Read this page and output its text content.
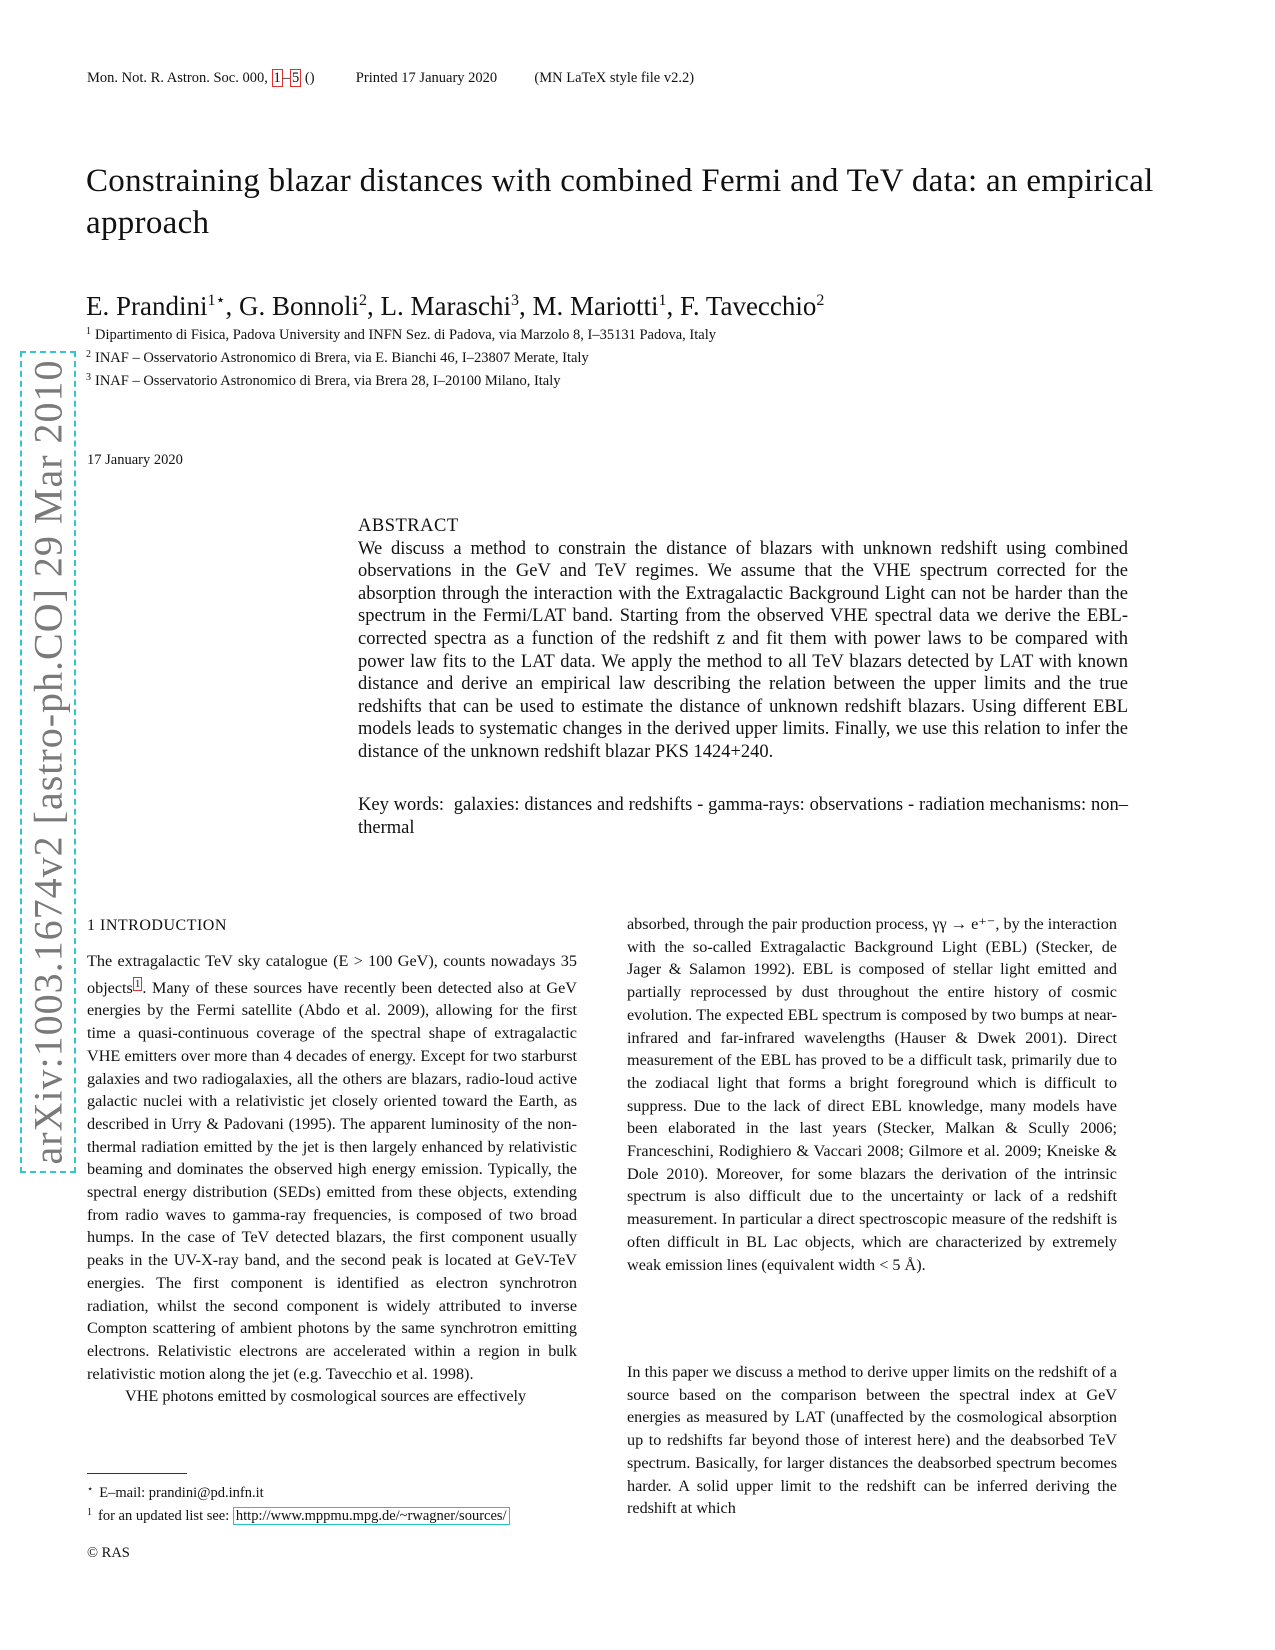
Mon. Not. R. Astron. Soc. 000, 1 – 5 ()	Printed 17 January 2020	(MN LaTeX style file v2.2)
Constraining blazar distances with combined Fermi and TeV data: an empirical approach
E. Prandini$^{1⋆}$, G. Bonnoli$^2$, L. Maraschi$^3$, M. Mariotti$^1$, F. Tavecchio$^2$
$^1$ Dipartimento di Fisica, Padova University and INFN Sez. di Padova, via Marzolo 8, I–35131 Padova, Italy
$^2$ INAF – Osservatorio Astronomico di Brera, via E. Bianchi 46, I–23807 Merate, Italy
$^3$ INAF – Osservatorio Astronomico di Brera, via Brera 28, I–20100 Milano, Italy
17 January 2020
ABSTRACT
We discuss a method to constrain the distance of blazars with unknown redshift using combined observations in the GeV and TeV regimes. We assume that the VHE spectrum corrected for the absorption through the interaction with the Extragalactic Background Light can not be harder than the spectrum in the Fermi/LAT band. Starting from the observed VHE spectral data we derive the EBL-corrected spectra as a function of the redshift z and fit them with power laws to be compared with power law fits to the LAT data. We apply the method to all TeV blazars detected by LAT with known distance and derive an empirical law describing the relation between the upper limits and the true redshifts that can be used to estimate the distance of unknown redshift blazars. Using different EBL models leads to systematic changes in the derived upper limits. Finally, we use this relation to infer the distance of the unknown redshift blazar PKS 1424+240.
Key words: galaxies: distances and redshifts - gamma-rays: observations - radiation mechanisms: non–thermal
1 INTRODUCTION
The extragalactic TeV sky catalogue (E > 100 GeV), counts nowadays 35 objects $^1$ . Many of these sources have recently been detected also at GeV energies by the Fermi satellite (Abdo et al. 2009), allowing for the first time a quasi-continuous coverage of the spectral shape of extragalactic VHE emitters over more than 4 decades of energy. Except for two starburst galaxies and two radiogalaxies, all the others are blazars, radio-loud active galactic nuclei with a relativistic jet closely oriented toward the Earth, as described in Urry & Padovani (1995). The apparent luminosity of the non-thermal radiation emitted by the jet is then largely enhanced by relativistic beaming and dominates the observed high energy emission. Typically, the spectral energy distribution (SEDs) emitted from these objects, extending from radio waves to gamma-ray frequencies, is composed of two broad humps. In the case of TeV detected blazars, the first component usually peaks in the UV-X-ray band, and the second peak is located at GeV-TeV energies. The first component is identified as electron synchrotron radiation, whilst the second component is widely attributed to inverse Compton scattering of ambient photons by the same synchrotron emitting electrons. Relativistic electrons are accelerated within a region in bulk relativistic motion along the jet (e.g. Tavecchio et al. 1998).
VHE photons emitted by cosmological sources are effectively
absorbed, through the pair production process, γγ → e⁺⁻, by the interaction with the so-called Extragalactic Background Light (EBL) (Stecker, de Jager & Salamon 1992). EBL is composed of stellar light emitted and partially reprocessed by dust throughout the entire history of cosmic evolution. The expected EBL spectrum is composed by two bumps at near-infrared and far-infrared wavelengths (Hauser & Dwek 2001). Direct measurement of the EBL has proved to be a difficult task, primarily due to the zodiacal light that forms a bright foreground which is difficult to suppress. Due to the lack of direct EBL knowledge, many models have been elaborated in the last years (Stecker, Malkan & Scully 2006; Franceschini, Rodighiero & Vaccari 2008; Gilmore et al. 2009; Kneiske & Dole 2010). Moreover, for some blazars the derivation of the intrinsic spectrum is also difficult due to the uncertainty or lack of a redshift measurement. In particular a direct spectroscopic measure of the redshift is often difficult in BL Lac objects, which are characterized by extremely weak emission lines (equivalent width < 5 Å).
In this paper we discuss a method to derive upper limits on the redshift of a source based on the comparison between the spectral index at GeV energies as measured by LAT (unaffected by the cosmological absorption up to redshifts far beyond those of interest here) and the deabsorbed TeV spectrum. Basically, for larger distances the deabsorbed spectrum becomes harder. A solid upper limit to the redshift can be inferred deriving the redshift at which
⋆ E–mail: prandini@pd.infn.it
$^1$ for an updated list see: http://www.mppmu.mpg.de/~rwagner/sources/
© RAS
arXiv:1003.1674v2 [astro-ph.CO] 29 Mar 2010
